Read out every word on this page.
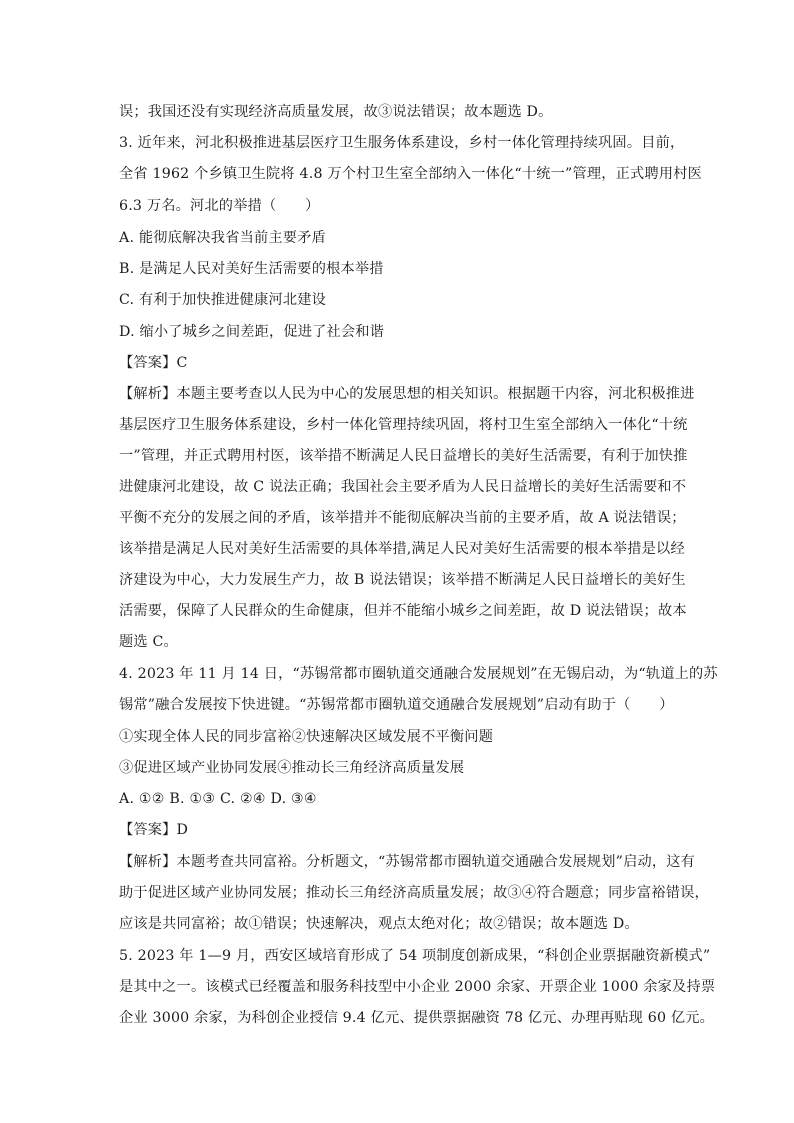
误；我国还没有实现经济高质量发展，故③说法错误；故本题选 D。
3. 近年来，河北积极推进基层医疗卫生服务体系建设，乡村一体化管理持续巩固。目前，
全省 1962 个乡镇卫生院将 4.8 万个村卫生室全部纳入一体化“十统一”管理，正式聘用村医
6.3 万名。河北的举措（　　）
A. 能彻底解决我省当前主要矛盾
B. 是满足人民对美好生活需要的根本举措
C. 有利于加快推进健康河北建设
D. 缩小了城乡之间差距，促进了社会和谐
【答案】C
【解析】本题主要考查以人民为中心的发展思想的相关知识。根据题干内容，河北积极推进
基层医疗卫生服务体系建设，乡村一体化管理持续巩固，将村卫生室全部纳入一体化“十统
一”管理，并正式聘用村医，该举措不断满足人民日益增长的美好生活需要，有利于加快推
进健康河北建设，故 C 说法正确；我国社会主要矛盾为人民日益增长的美好生活需要和不
平衡不充分的发展之间的矛盾，该举措并不能彻底解决当前的主要矛盾，故 A 说法错误；
该举措是满足人民对美好生活需要的具体举措,满足人民对美好生活需要的根本举措是以经
济建设为中心，大力发展生产力，故 B 说法错误；该举措不断满足人民日益增长的美好生
活需要，保障了人民群众的生命健康，但并不能缩小城乡之间差距，故 D 说法错误；故本
题选 C。
4. 2023 年 11 月 14 日，“苏锡常都市圈轨道交通融合发展规划”在无锡启动，为“轨道上的苏
锡常”融合发展按下快进键。“苏锡常都市圈轨道交通融合发展规划”启动有助于（　　）
①实现全体人民的同步富裕②快速解决区域发展不平衡问题
③促进区域产业协同发展④推动长三角经济高质量发展
A. ①② B. ①③ C. ②④ D. ③④
【答案】D
【解析】本题考查共同富裕。分析题文，“苏锡常都市圈轨道交通融合发展规划”启动，这有
助于促进区域产业协同发展；推动长三角经济高质量发展；故③④符合题意；同步富裕错误，
应该是共同富裕；故①错误；快速解决，观点太绝对化；故②错误；故本题选 D。
5. 2023 年 1—9 月，西安区域培育形成了 54 项制度创新成果，“科创企业票据融资新模式”
是其中之一。该模式已经覆盖和服务科技型中小企业 2000 余家、开票企业 1000 余家及持票
企业 3000 余家，为科创企业授信 9.4 亿元、提供票据融资 78 亿元、办理再贴现 60 亿元。
